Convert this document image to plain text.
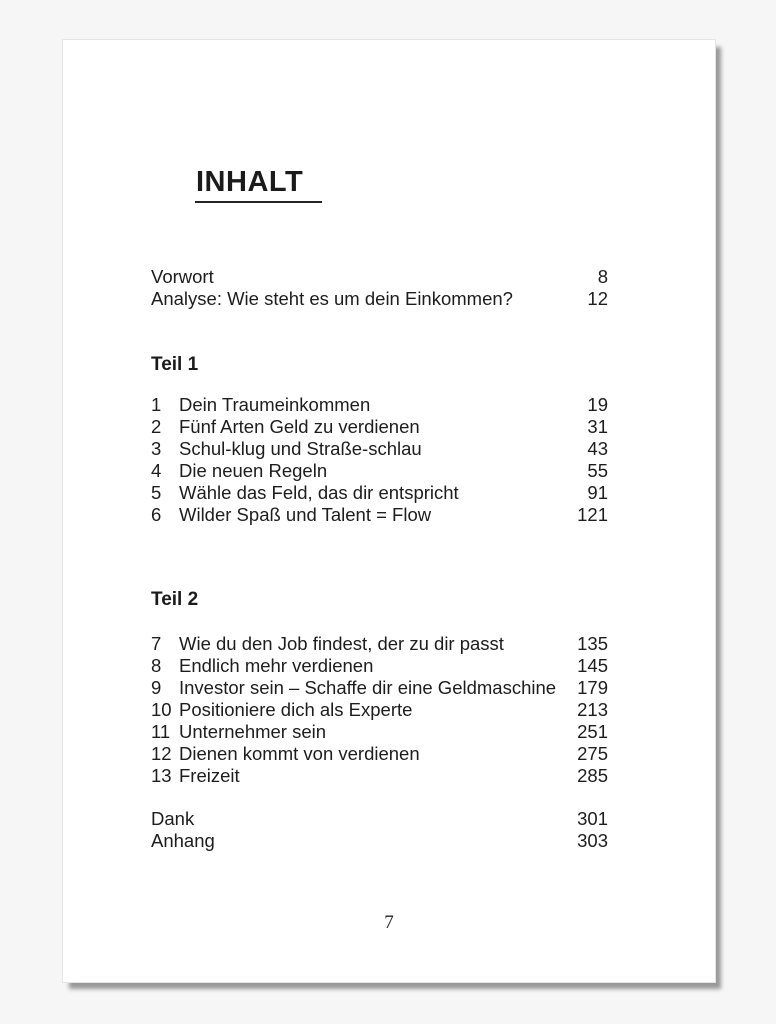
INHALT
Vorwort	8
Analyse: Wie steht es um dein Einkommen?	12
Teil 1
1 Dein Traumeinkommen	19
2 Fünf Arten Geld zu verdienen	31
3 Schul-klug und Straße-schlau	43
4 Die neuen Regeln	55
5 Wähle das Feld, das dir entspricht	91
6 Wilder Spaß und Talent = Flow	121
Teil 2
7 Wie du den Job findest, der zu dir passt	135
8 Endlich mehr verdienen	145
9 Investor sein – Schaffe dir eine Geldmaschine	179
10 Positioniere dich als Experte	213
11 Unternehmer sein	251
12 Dienen kommt von verdienen	275
13 Freizeit	285
Dank	301
Anhang	303
7
